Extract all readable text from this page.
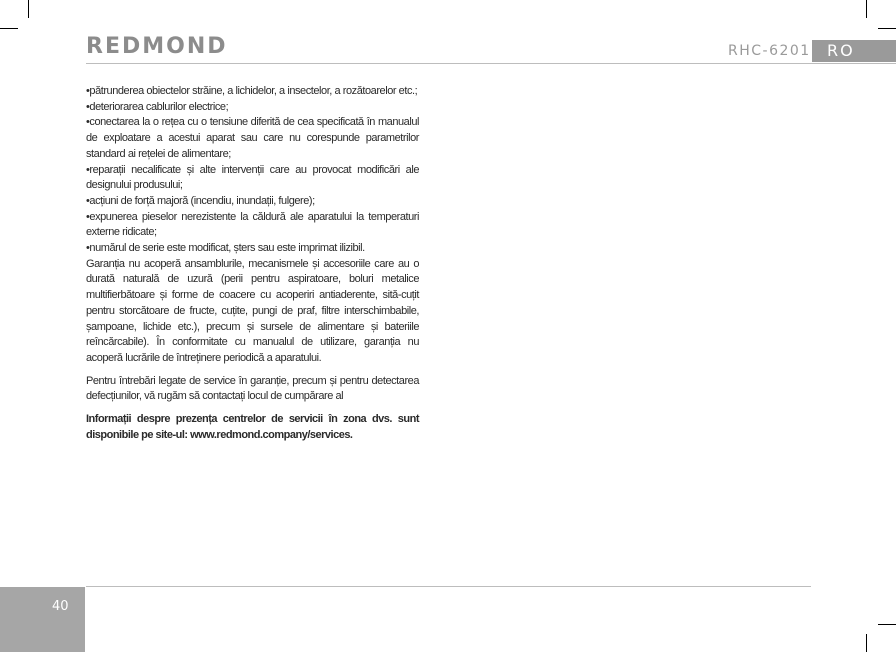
REDMOND	RHC-6201 RO

•pătrunderea obiectelor străine, a lichidelor, a insectelor, a rozătoarelor etc.;

•deteriorarea cablurilor electrice;

•conectarea la o rețea cu o tensiune diferită de cea specificată în manualul de exploatare a acestui aparat sau care nu corespunde parametrilor standard ai rețelei de alimentare;

•reparații necalificate și alte intervenții care au provocat modificări ale designului produsului;

•acțiuni de forță majoră (incendiu, inundații, fulgere);

•expunerea pieselor nerezistente la căldură ale aparatului la temperaturi externe ridicate;

•numărul de serie este modificat, șters sau este imprimat ilizibil.

Garanția nu acoperă ansamblurile, mecanismele și accesoriile care au o durată naturală de uzură (perii pentru aspiratoare, boluri metalice multifierbătoare și forme de coacere cu acoperiri antiaderente, sită-cuțit pentru storcătoare de fructe, cuțite, pungi de praf, filtre interschimbabile, șampoane, lichide etc.), precum și sursele de alimentare și bateriile reîncărcabile). În conformitate cu manualul de utilizare, garanția nu acoperă lucrările de întreținere periodică a aparatului.

Pentru întrebări legate de service în garanție, precum și pentru detectarea defecțiunilor, vă rugăm să contactați locul de cumpărare al

Informații despre prezența centrelor de servicii în zona dvs. sunt disponibile pe site-ul: www.redmond.company/services.

40
